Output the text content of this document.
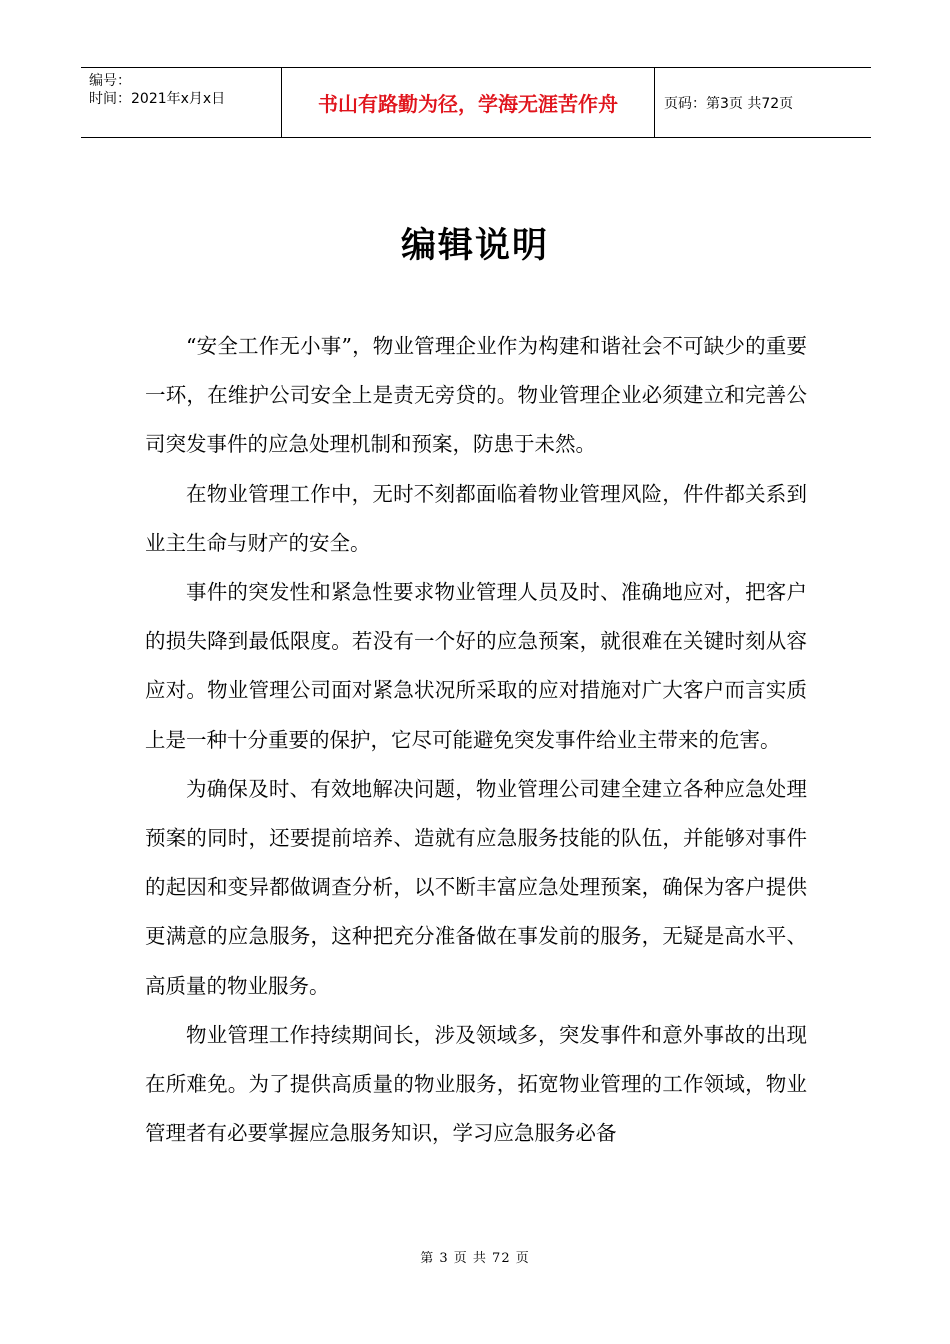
编号：
时间：2021年x月x日	书山有路勤为径，学海无涯苦作舟	页码：第3页 共72页
编辑说明

“安全工作无小事”，物业管理企业作为构建和谐社会不可缺少的重要一环，在维护公司安全上是责无旁贷的。物业管理企业必须建立和完善公司突发事件的应急处理机制和预案，防患于未然。

在物业管理工作中，无时不刻都面临着物业管理风险，件件都关系到业主生命与财产的安全。

事件的突发性和紧急性要求物业管理人员及时、准确地应对，把客户的损失降到最低限度。若没有一个好的应急预案，就很难在关键时刻从容应对。物业管理公司面对紧急状况所采取的应对措施对广大客户而言实质上是一种十分重要的保护，它尽可能避免突发事件给业主带来的危害。

为确保及时、有效地解决问题，物业管理公司建全建立各种应急处理预案的同时，还要提前培养、造就有应急服务技能的队伍，并能够对事件的起因和变异都做调查分析，以不断丰富应急处理预案，确保为客户提供更满意的应急服务，这种把充分准备做在事发前的服务，无疑是高水平、高质量的物业服务。

物业管理工作持续期间长，涉及领域多，突发事件和意外事故的出现在所难免。为了提供高质量的物业服务，拓宽物业管理的工作领域，物业管理者有必要掌握应急服务知识，学习应急服务必备

第 3 页 共 72 页
